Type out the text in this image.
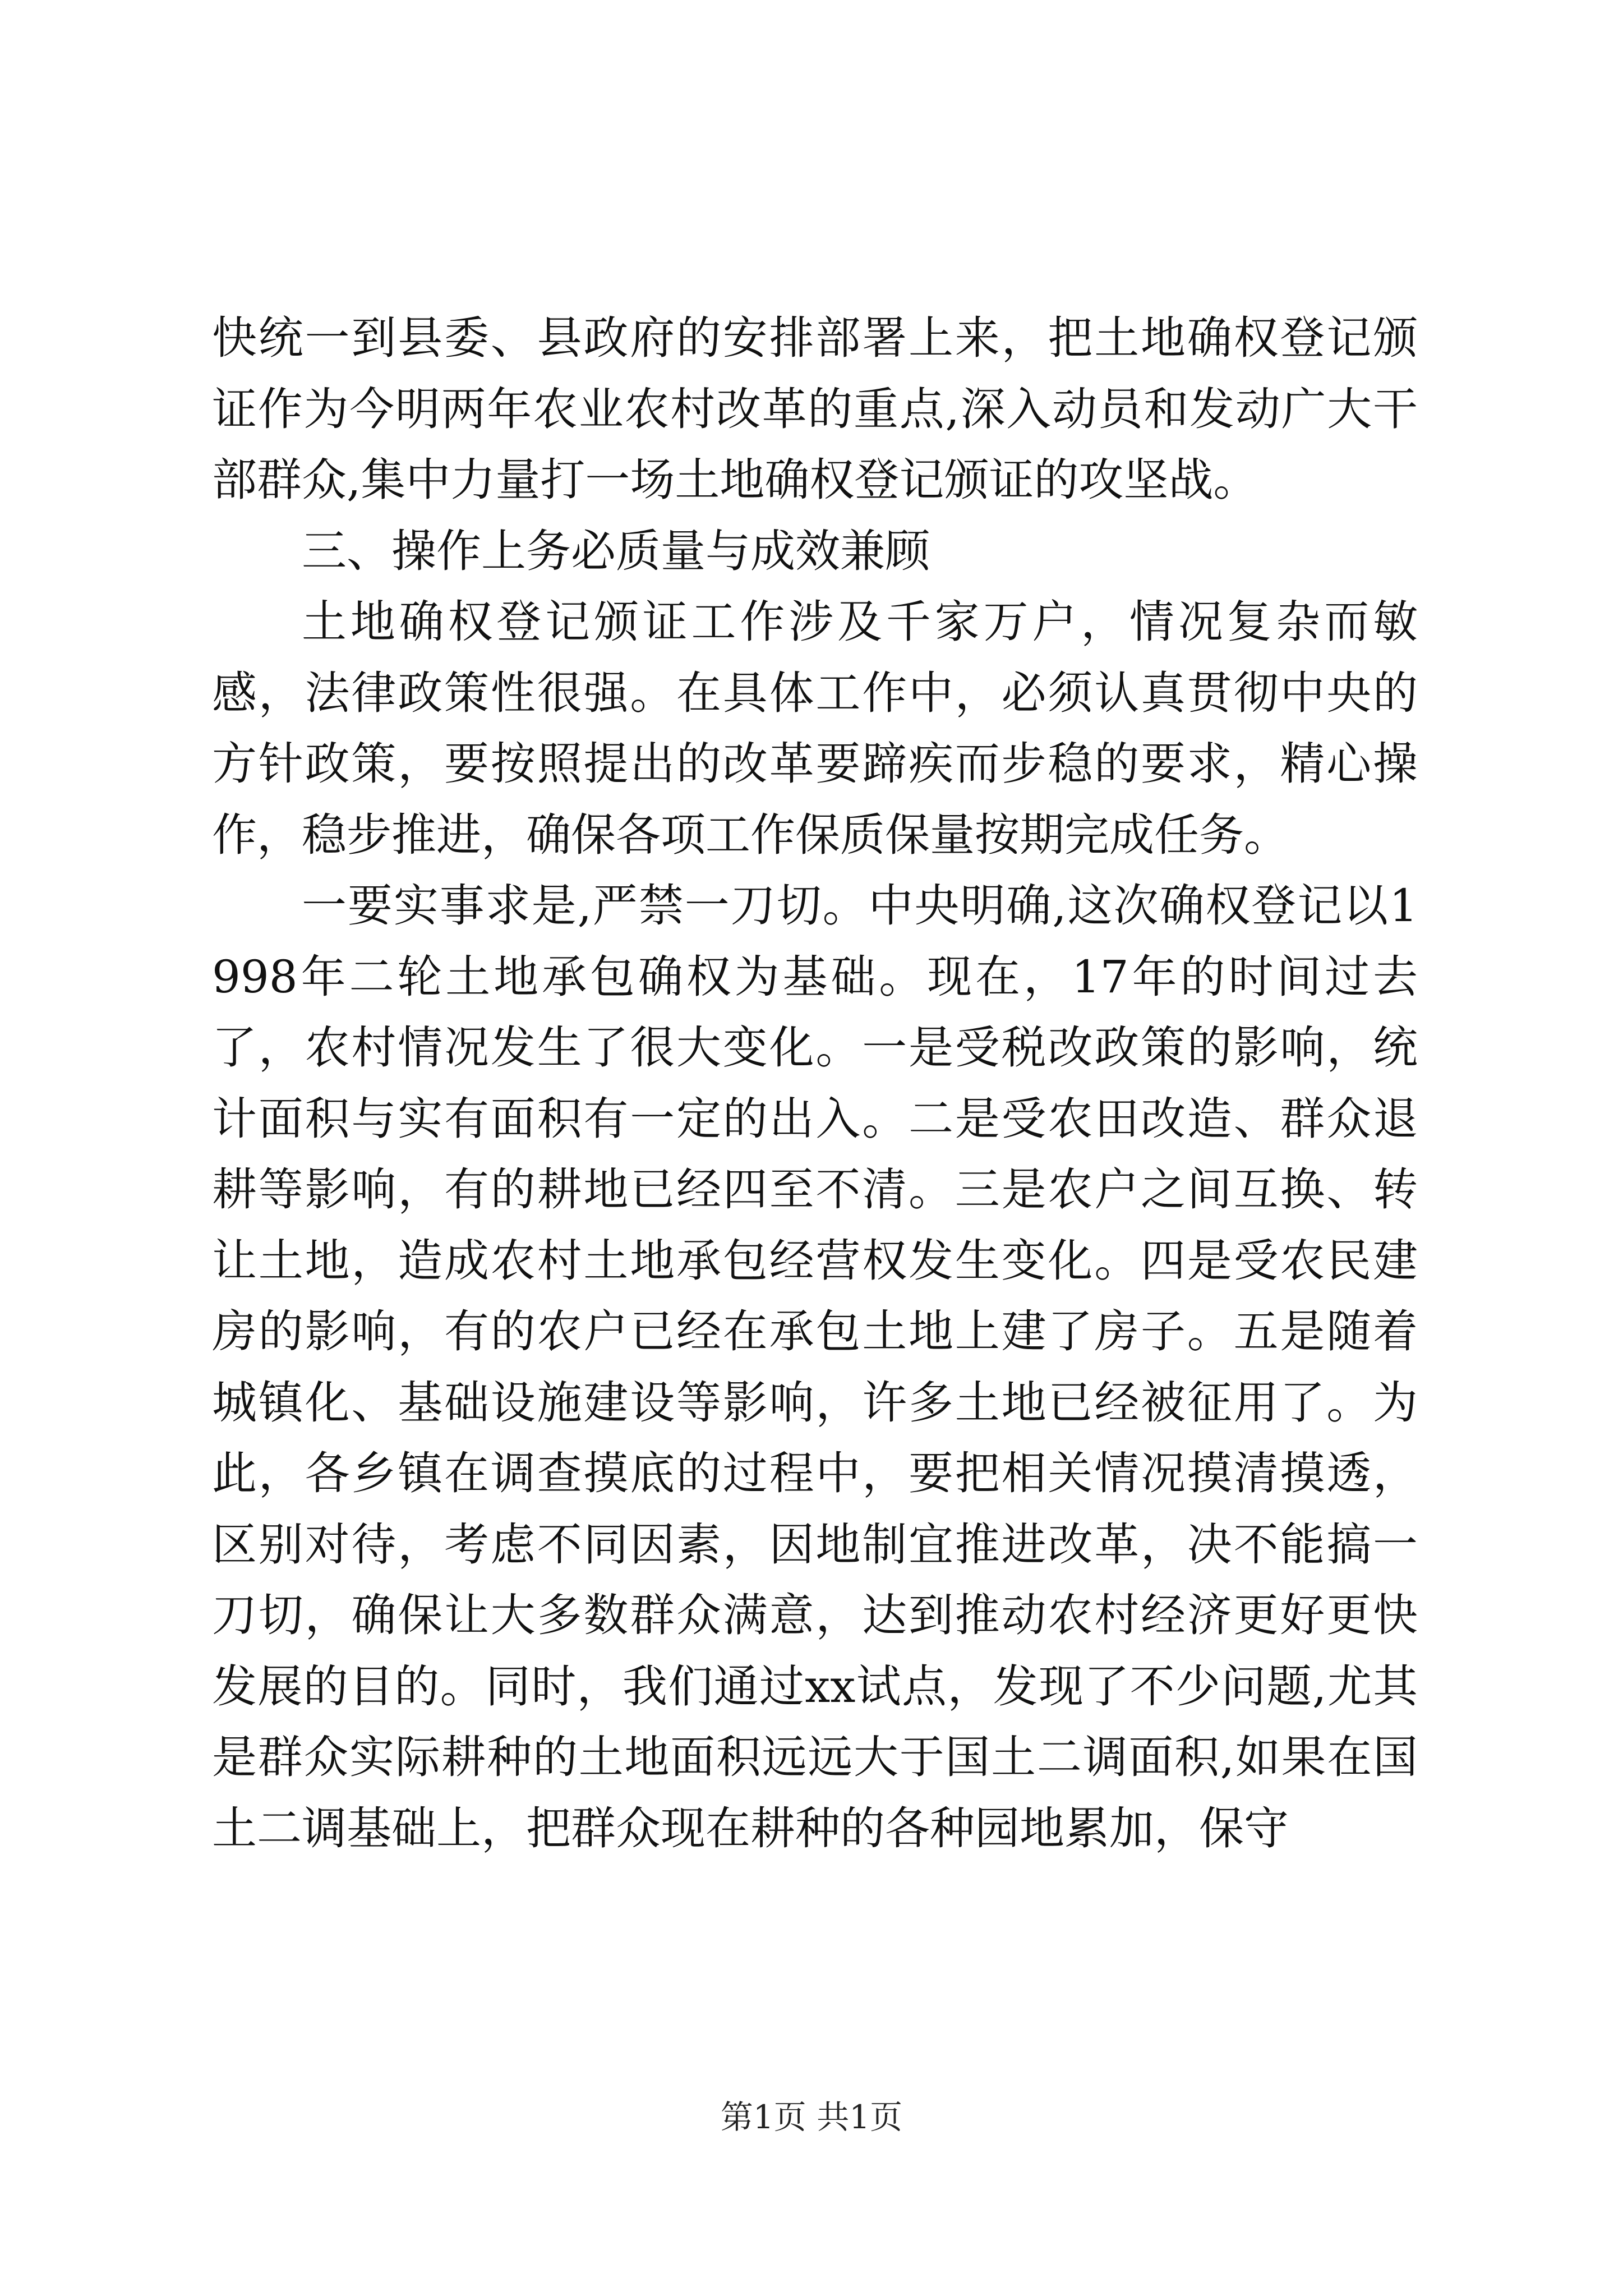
快统一到县委、县政府的安排部署上来，把土地确权登记颁证作为今明两年农业农村改革的重点,深入动员和发动广大干部群众,集中力量打一场土地确权登记颁证的攻坚战。

三、操作上务必质量与成效兼顾

土地确权登记颁证工作涉及千家万户，情况复杂而敏感，法律政策性很强。在具体工作中，必须认真贯彻中央的方针政策，要按照提出的改革要蹄疾而步稳的要求，精心操作，稳步推进，确保各项工作保质保量按期完成任务。

一要实事求是,严禁一刀切。中央明确,这次确权登记以1998年二轮土地承包确权为基础。现在，17年的时间过去了，农村情况发生了很大变化。一是受税改政策的影响，统计面积与实有面积有一定的出入。二是受农田改造、群众退耕等影响，有的耕地已经四至不清。三是农户之间互换、转让土地，造成农村土地承包经营权发生变化。四是受农民建房的影响，有的农户已经在承包土地上建了房子。五是随着城镇化、基础设施建设等影响，许多土地已经被征用了。为此，各乡镇在调查摸底的过程中，要把相关情况摸清摸透，区别对待，考虑不同因素，因地制宜推进改革，决不能搞一刀切，确保让大多数群众满意，达到推动农村经济更好更快发展的目的。同时，我们通过xx试点，发现了不少问题,尤其是群众实际耕种的土地面积远远大于国土二调面积,如果在国土二调基础上，把群众现在耕种的各种园地累加，保守

第1页 共1页
